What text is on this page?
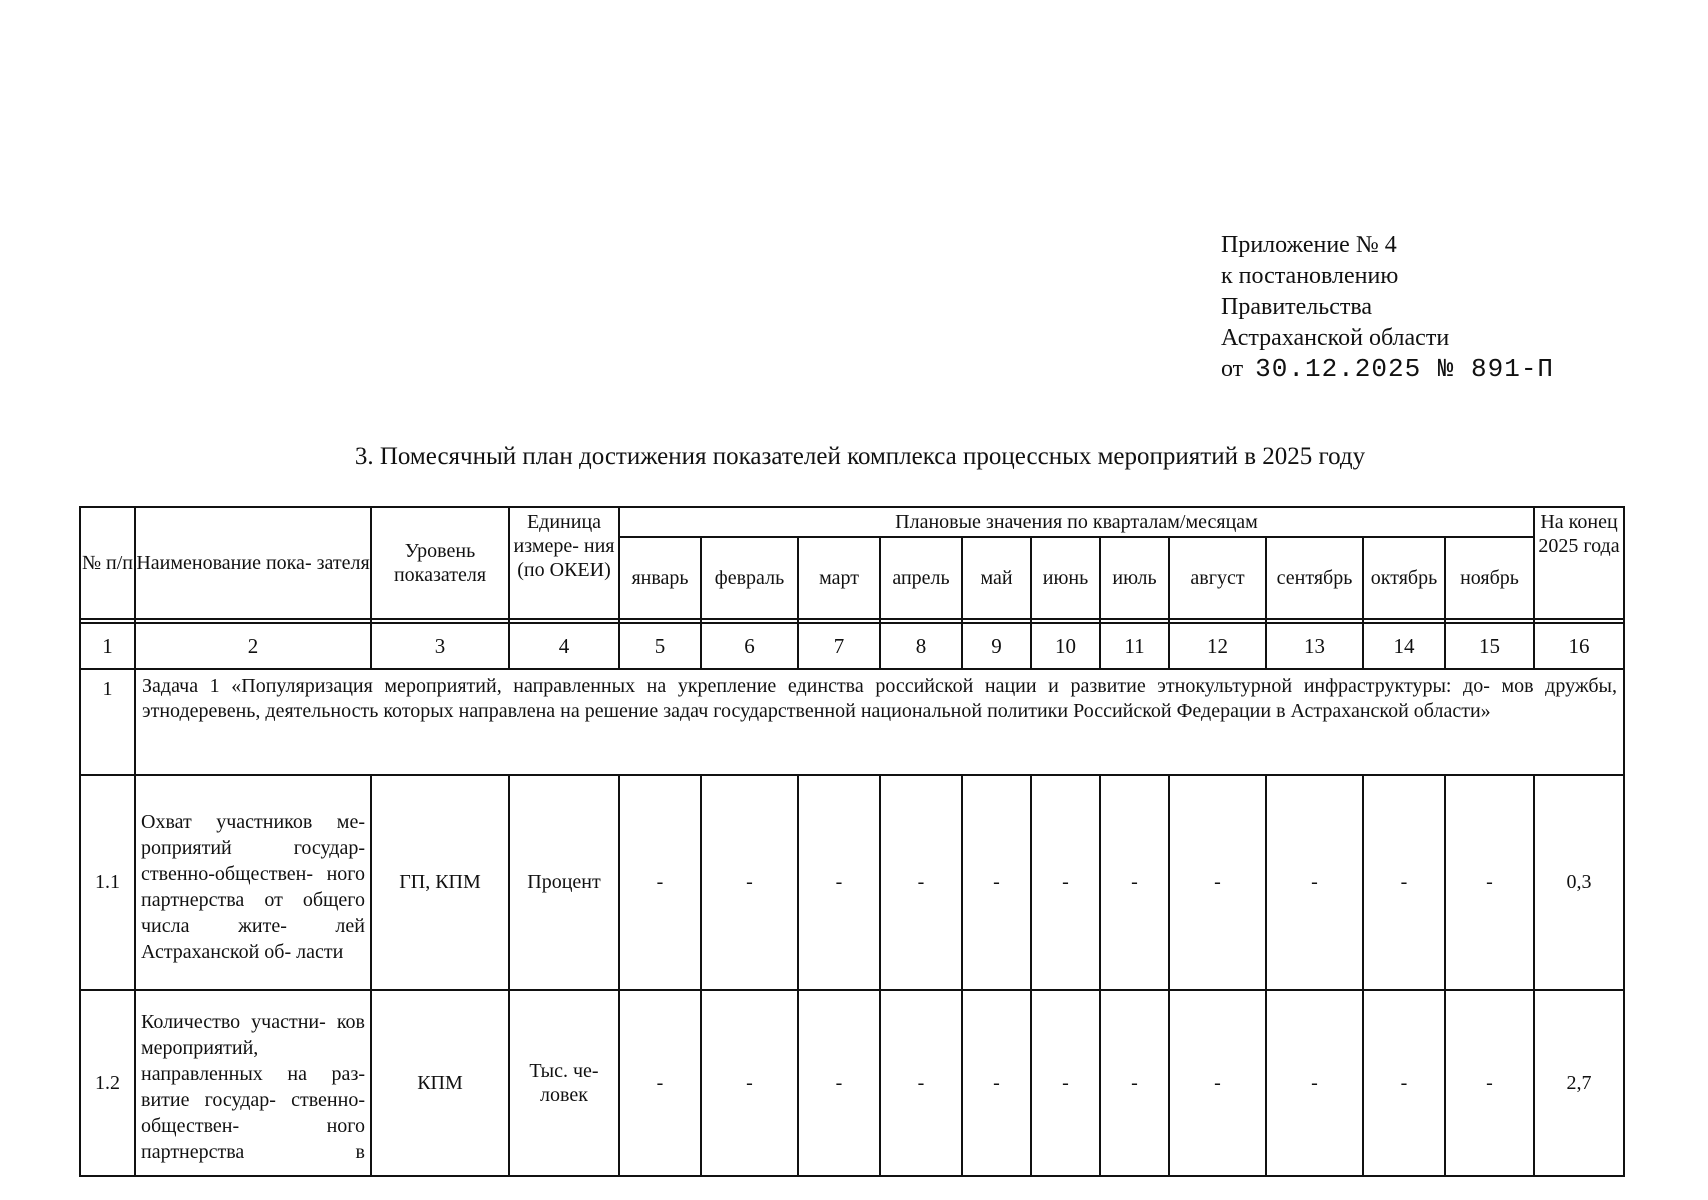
Приложение № 4
к постановлению
Правительства
Астраханской области
от 30.12.2025 № 891-П
3. Помесячный план достижения показателей комплекса процессных мероприятий в 2025 году
№ п/п	Наименование пока- зателя	Уровень показателя	Единица измере- ния (по ОКЕИ)	Плановые значения по кварталам/месяцам											На конец 2025 года
				январь	февраль	март	апрель	май	июнь	июль	август	сентябрь	октябрь	ноябрь	

1	2	3	4	5	6	7	8	9	10	11	12	13	14	15	16
1	Задача 1 «Популяризация мероприятий, направленных на укрепление единства российской нации и развитие этнокультурной инфраструктуры: до- мов дружбы, этнодеревень, деятельность которых направлена на решение задач государственной национальной политики Российской Федерации в Астраханской области»														
1.1	Охват участников ме- роприятий государ- ственно-обществен- ного партнерства от общего числа жите- лей Астраханской об- ласти	ГП, КПМ	Процент	-	-	-	-	-	-	-	-	-	-	-	0,3
1.2	Количество участни- ков мероприятий, направленных на раз- витие государ- ственно-обществен- ного партнерства в	КПМ	Тыс. че- ловек	-	-	-	-	-	-	-	-	-	-	-	2,7
